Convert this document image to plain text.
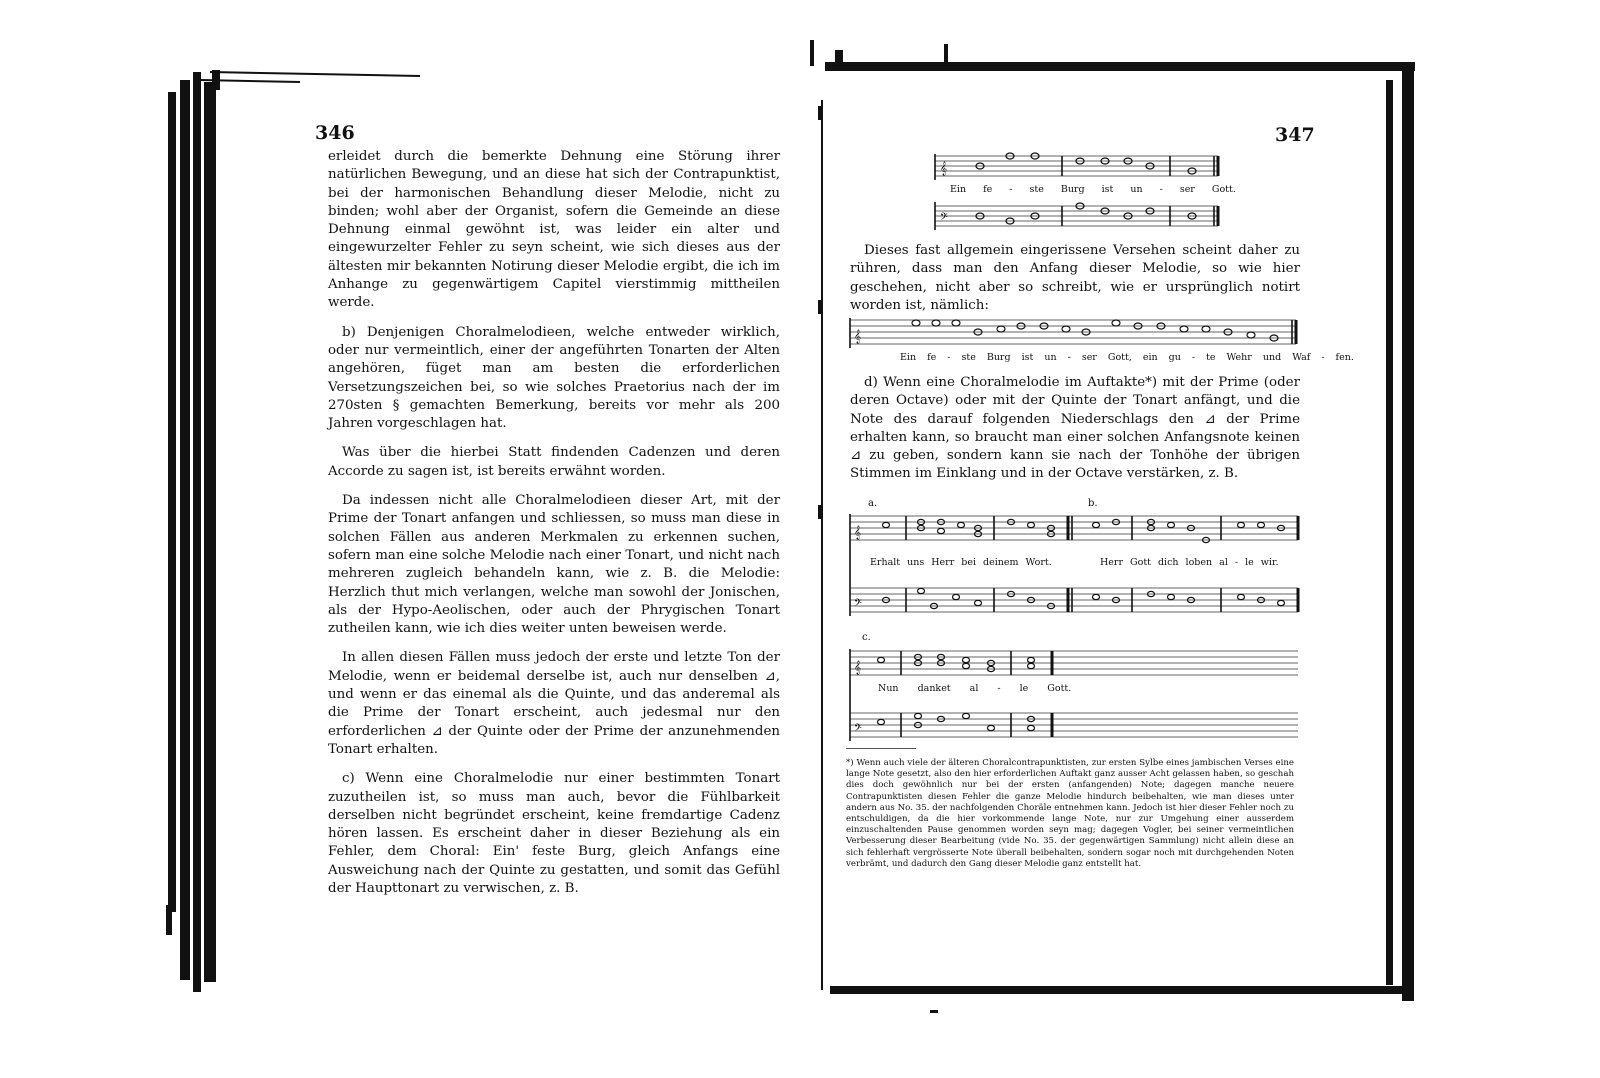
346

erleidet durch die bemerkte Dehnung eine Störung ihrer natürlichen Bewegung, und an diese hat sich der Contrapunktist, bei der harmonischen Behandlung dieser Melodie, nicht zu binden; wohl aber der Organist, sofern die Gemeinde an diese Dehnung einmal gewöhnt ist, was leider ein alter und eingewurzelter Fehler zu seyn scheint, wie sich dieses aus der ältesten mir bekannten Notirung dieser Melodie ergibt, die ich im Anhange zu gegenwärtigem Capitel vierstimmig mittheilen werde.

b) Denjenigen Choralmelodieen, welche entweder wirklich, oder nur vermeintlich, einer der angeführten Tonarten der Alten angehören, füget man am besten die erforderlichen Versetzungszeichen bei, so wie solches Praetorius nach der im 270sten § gemachten Bemerkung, bereits vor mehr als 200 Jahren vorgeschlagen hat.

Was über die hierbei Statt findenden Cadenzen und deren Accorde zu sagen ist, ist bereits erwähnt worden.

Da indessen nicht alle Choralmelodieen dieser Art, mit der Prime der Tonart anfangen und schliessen, so muss man diese in solchen Fällen aus anderen Merkmalen zu erkennen suchen, sofern man eine solche Melodie nach einer Tonart, und nicht nach mehreren zugleich behandeln kann, wie z. B. die Melodie: Herzlich thut mich verlangen, welche man sowohl der Jonischen, als der Hypo-Aeolischen, oder auch der Phrygischen Tonart zutheilen kann, wie ich dies weiter unten beweisen werde.

In allen diesen Fällen muss jedoch der erste und letzte Ton der Melodie, wenn er beidemal derselbe ist, auch nur denselben ⊿, und wenn er das einemal als die Quinte, und das anderemal als die Prime der Tonart erscheint, auch jedesmal nur den erforderlichen ⊿ der Quinte oder der Prime der anzunehmenden Tonart erhalten.

c) Wenn eine Choralmelodie nur einer bestimmten Tonart zuzutheilen ist, so muss man auch, bevor die Fühlbarkeit derselben nicht begründet erscheint, keine fremdartige Cadenz hören lassen. Es erscheint daher in dieser Beziehung als ein Fehler, dem Choral: Ein' feste Burg, gleich Anfangs eine Ausweichung nach der Quinte zu gestatten, und somit das Gefühl der Haupttonart zu verwischen, z. B.

347
𝄞
𝄢
Ein fe - ste Burg ist un - ser Gott.

Dieses fast allgemein eingerissene Versehen scheint daher zu rühren, dass man den Anfang dieser Melodie, so wie hier geschehen, nicht aber so schreibt, wie er ursprünglich notirt worden ist, nämlich:

𝄞
Ein fe - ste Burg ist un - ser Gott, ein gu - te Wehr und Waf - fen.

d) Wenn eine Choralmelodie im Auftakte*) mit der Prime (oder deren Octave) oder mit der Quinte der Tonart anfängt, und die Note des darauf folgenden Niederschlags den ⊿ der Prime erhalten kann, so braucht man einer solchen Anfangsnote keinen ⊿ zu geben, sondern kann sie nach der Tonhöhe der übrigen Stimmen im Einklang und in der Octave verstärken, z. B.

a.	b.
𝄞
𝄢
Erhalt uns Herr bei deinem Wort.	Herr Gott dich loben al - le wir.
c.
𝄞
𝄢
Nun danket al - le Gott.

*) Wenn auch viele der älteren Choralcontrapunktisten, zur ersten Sylbe eines jambischen Verses eine lange Note gesetzt, also den hier erforderlichen Auftakt ganz ausser Acht gelassen haben, so geschah dies doch gewöhnlich nur bei der ersten (anfangenden) Note; dagegen manche neuere Contrapunktisten diesen Fehler die ganze Melodie hindurch beibehalten, wie man dieses unter andern aus No. 35. der nachfolgenden Choräle entnehmen kann. Jedoch ist hier dieser Fehler noch zu entschuldigen, da die hier vorkommende lange Note, nur zur Umgehung einer ausserdem einzuschaltenden Pause genommen worden seyn mag; dagegen Vogler, bei seiner vermeintlichen Verbesserung dieser Bearbeitung (vide No. 35. der gegenwärtigen Sammlung) nicht allein diese an sich fehlerhaft vergrösserte Note überall beibehalten, sondern sogar noch mit durchgehenden Noten verbrämt, und dadurch den Gang dieser Melodie ganz entstellt hat.
